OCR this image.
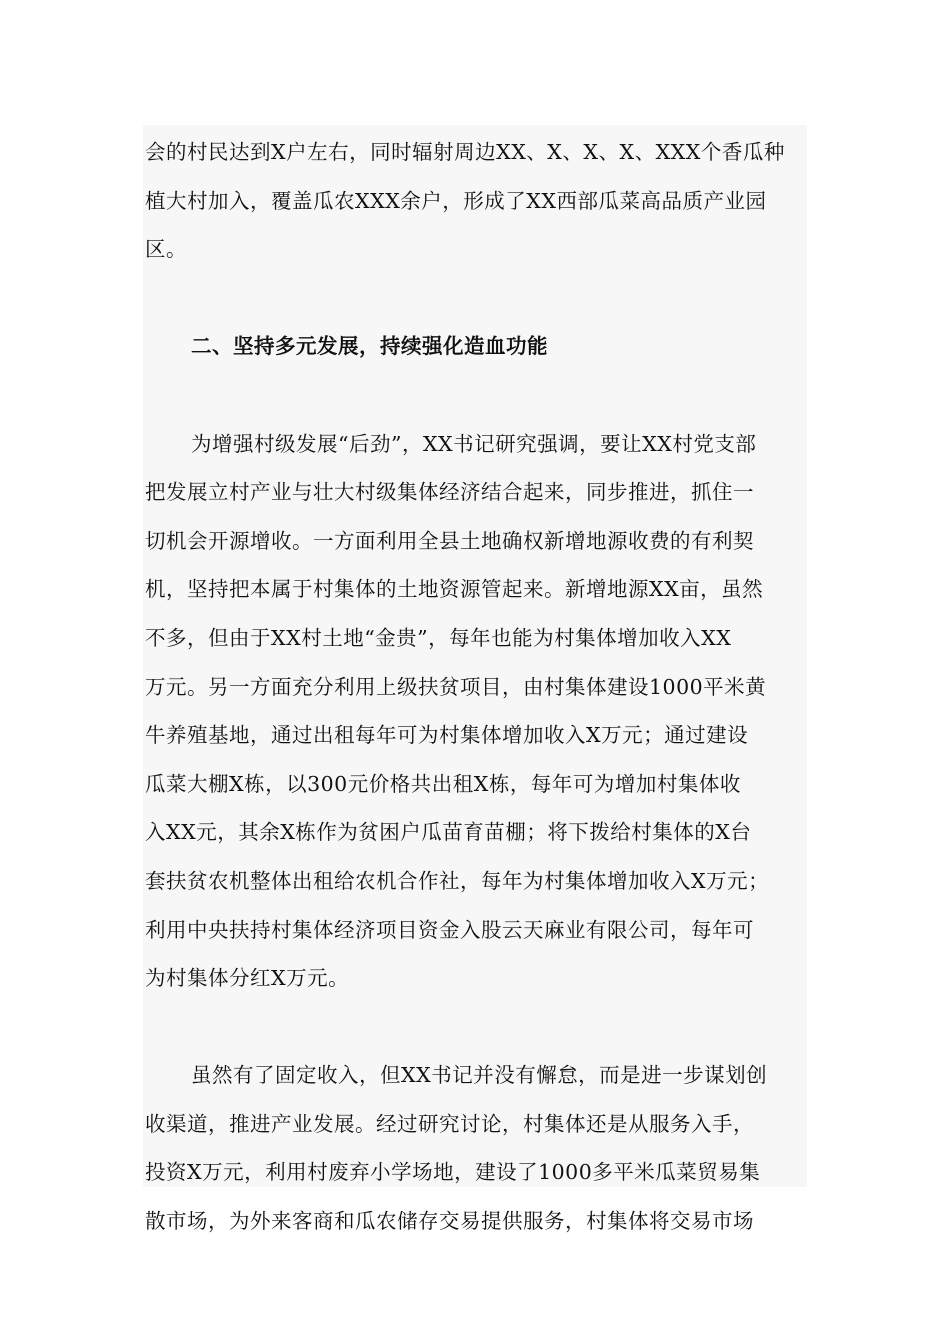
会的村民达到X户左右，同时辐射周边XX、X、X、X、XXX个香瓜种
植大村加入，覆盖瓜农XXX余户，形成了XX西部瓜菜高品质产业园
区。
二、坚持多元发展，持续强化造血功能
为增强村级发展“后劲”，XX书记研究强调，要让XX村党支部
把发展立村产业与壮大村级集体经济结合起来，同步推进，抓住一
切机会开源增收。一方面利用全县土地确权新增地源收费的有利契
机，坚持把本属于村集体的土地资源管起来。新增地源XX亩，虽然
不多，但由于XX村土地“金贵”，每年也能为村集体增加收入XX
万元。另一方面充分利用上级扶贫项目，由村集体建设1000平米黄
牛养殖基地，通过出租每年可为村集体增加收入X万元；通过建设
瓜菜大棚X栋，以300元价格共出租X栋，每年可为增加村集体收
入XX元，其余X栋作为贫困户瓜苗育苗棚；将下拨给村集体的X台
套扶贫农机整体出租给农机合作社，每年为村集体增加收入X万元；
利用中央扶持村集体经济项目资金入股云天麻业有限公司，每年可
为村集体分红X万元。
虽然有了固定收入，但XX书记并没有懈怠，而是进一步谋划创
收渠道，推进产业发展。经过研究讨论，村集体还是从服务入手，
投资X万元，利用村废弃小学场地，建设了1000多平米瓜菜贸易集
散市场，为外来客商和瓜农储存交易提供服务，村集体将交易市场
